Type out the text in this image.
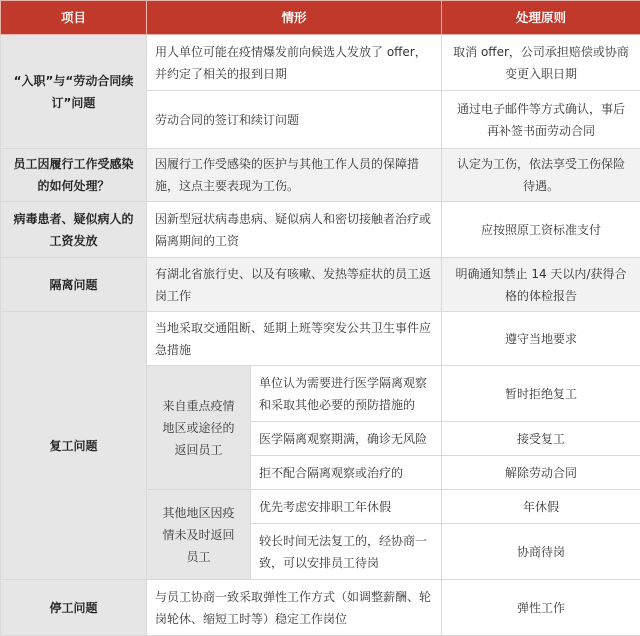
项目	情形		处理原则
“入职”与“劳动合同续订”问题	用人单位可能在疫情爆发前向候选人发放了 offer，并约定了相关的报到日期		取消 offer，公司承担赔偿或协商变更入职日期
	劳动合同的签订和续订问题		通过电子邮件等方式确认，事后再补签书面劳动合同
员工因履行工作受感染的如何处理？	因履行工作受感染的医护与其他工作人员的保障措施，这点主要表现为工伤。		认定为工伤，依法享受工伤保险待遇。
病毒患者、疑似病人的工资发放	因新型冠状病毒患病、疑似病人和密切接触者治疗或隔离期间的工资		应按照原工资标准支付
隔离问题	有湖北省旅行史、以及有咳嗽、发热等症状的员工返岗工作		明确通知禁止 14 天以内/获得合格的体检报告
复工问题	当地采取交通阻断、延期上班等突发公共卫生事件应急措施		遵守当地要求
	来自重点疫情地区或途径的返回员工	单位认为需要进行医学隔离观察和采取其他必要的预防措施的	暂时拒绝复工
		医学隔离观察期满，确诊无风险	接受复工
		拒不配合隔离观察或治疗的	解除劳动合同
	其他地区因疫情未及时返回员工	优先考虑安排职工年休假	年休假
		较长时间无法复工的，经协商一致，可以安排员工待岗	协商待岗
停工问题	与员工协商一致采取弹性工作方式（如调整薪酬、轮岗轮休、缩短工时等）稳定工作岗位		弹性工作
